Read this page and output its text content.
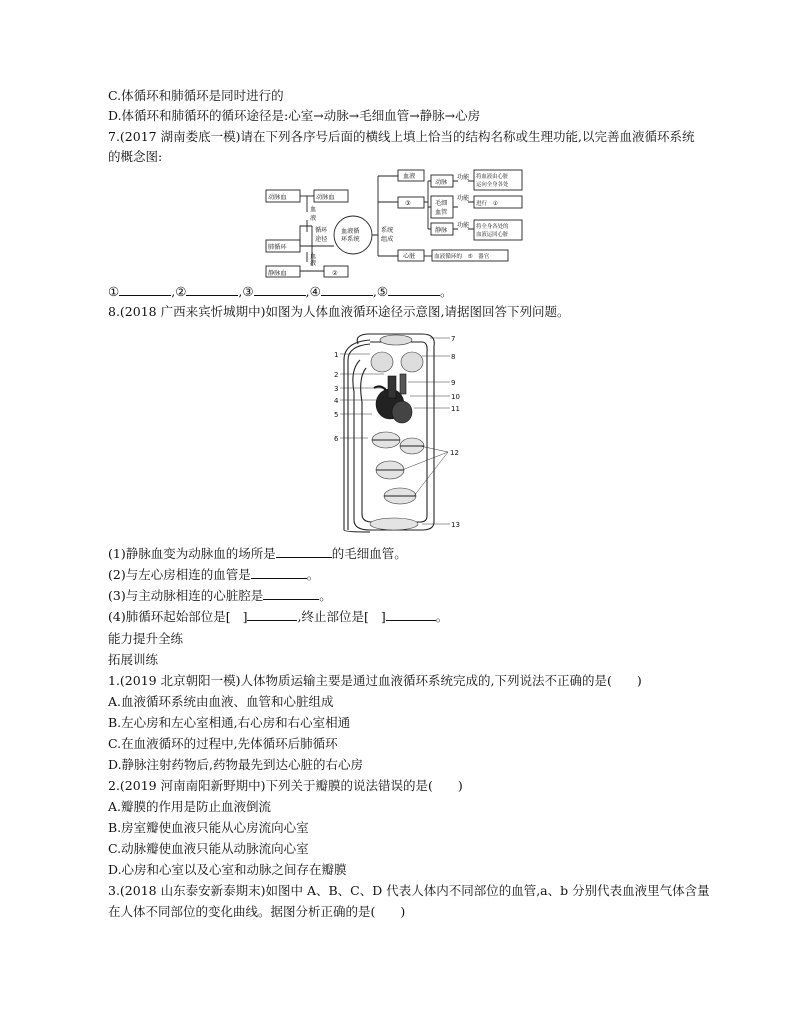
C.体循环和肺循环是同时进行的
D.体循环和肺循环的循环途径是:心室→动脉→毛细血管→静脉→心房
7.(2017 湖南娄底一模)请在下列各序号后面的横线上填上恰当的结构名称或生理功能,以完善血液循环系统
的概念图:
动脉血	动脉血
血
液
肺循环
静脉血
血
液
②
循环
途径
血液循
环系统
系统
组成
血液
③
心脏
动脉
毛细
血管
静脉
功能
功能
功能
将血液由心脏
运向全身各处
进行　①
将全身各处的
血液运回心脏
血液循环的　⑤　器官
①	,②	,③	,④	,⑤	。
8.(2018 广西来宾忻城期中)如图为人体血液循环途径示意图,请据图回答下列问题。
1
2
3
4
5
6
7
8
9
10
11
12
13
(1)静脉血变为动脉血的场所是	的毛细血管。
(2)与左心房相连的血管是	。
(3)与主动脉相连的心脏腔是	。
(4)肺循环起始部位是[ ]	,终止部位是[ ]	。
能力提升全练
拓展训练
1.(2019 北京朝阳一模)人体物质运输主要是通过血液循环系统完成的,下列说法不正确的是(　　)
A.血液循环系统由血液、血管和心脏组成
B.左心房和左心室相通,右心房和右心室相通
C.在血液循环的过程中,先体循环后肺循环
D.静脉注射药物后,药物最先到达心脏的右心房
2.(2019 河南南阳新野期中)下列关于瓣膜的说法错误的是(　　)
A.瓣膜的作用是防止血液倒流
B.房室瓣使血液只能从心房流向心室
C.动脉瓣使血液只能从动脉流向心室
D.心房和心室以及心室和动脉之间存在瓣膜
3.(2018 山东泰安新泰期末)如图中 A、B、C、D 代表人体内不同部位的血管,a、b 分别代表血液里气体含量
在人体不同部位的变化曲线。据图分析正确的是(　　)
